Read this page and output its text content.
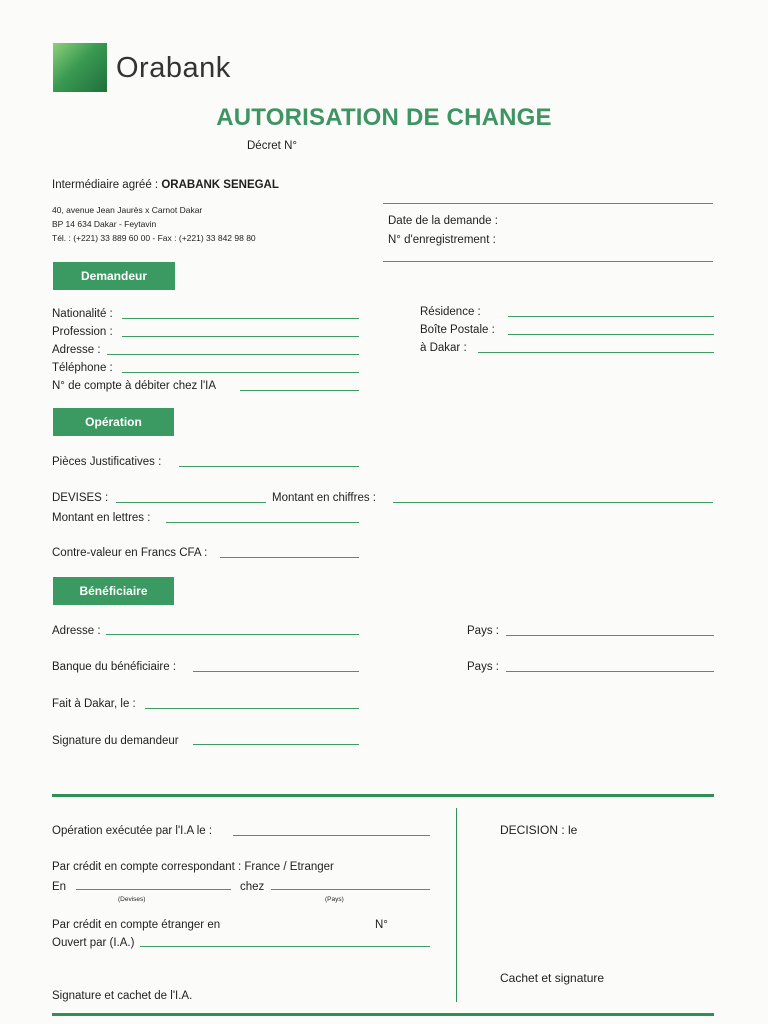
Orabank
AUTORISATION DE CHANGE
Décret N°
Intermédiaire agréé : ORABANK SENEGAL
40, avenue Jean Jaurès x Carnot Dakar
BP 14 634 Dakar - Feytavin
Tél. : (+221) 33 889 60 00 - Fax : (+221) 33 842 98 80
Date de la demande :
N° d'enregistrement :
Demandeur
Nationalité :
Profession :
Adresse :
Téléphone :
N° de compte à débiter chez l'IA
Résidence :
Boîte Postale :
à Dakar :
Opération
Pièces Justificatives :
DEVISES :	Montant en chiffres :
Montant en lettres :
Contre-valeur en Francs CFA :
Bénéficiaire
Adresse :	Pays :
Banque du bénéficiaire :	Pays :
Fait à Dakar, le :
Signature du demandeur
Opération exécutée par l'I.A le :
Par crédit en compte correspondant : France / Etranger
En	chez
(Devises)	(Pays)
Par crédit en compte étranger en	N°
Ouvert par (I.A.)
Signature et cachet de l'I.A.
DECISION : le
Cachet et signature
